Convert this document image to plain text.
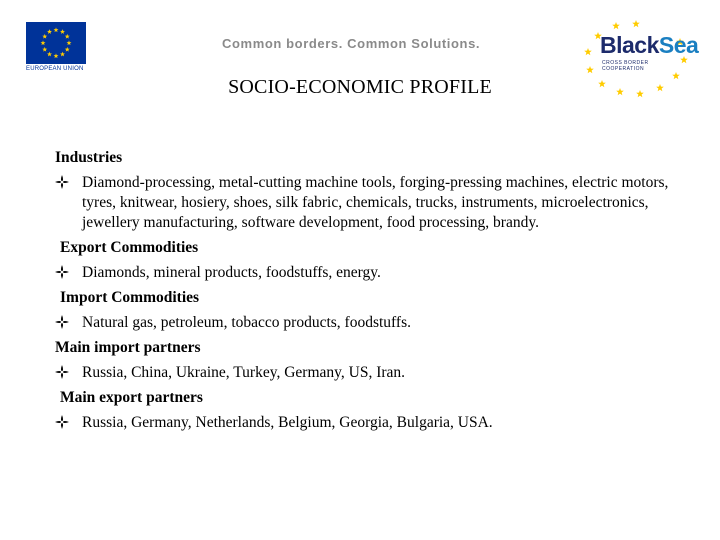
EUROPEAN UNION
Common borders. Common Solutions.	BlackSea
CROSS BORDER
COOPERATION
SOCIO-ECONOMIC PROFILE
Industries
Diamond-processing, metal-cutting machine tools, forging-pressing machines, electric motors, tyres, knitwear, hosiery, shoes, silk fabric, chemicals, trucks, instruments, microelectronics, jewellery manufacturing, software development, food processing, brandy.
Export Commodities
Diamonds, mineral products, foodstuffs, energy.
Import Commodities
Natural gas, petroleum, tobacco products, foodstuffs.
Main import partners
Russia, China, Ukraine, Turkey, Germany, US, Iran.
Main export partners
Russia, Germany, Netherlands, Belgium, Georgia, Bulgaria, USA.
